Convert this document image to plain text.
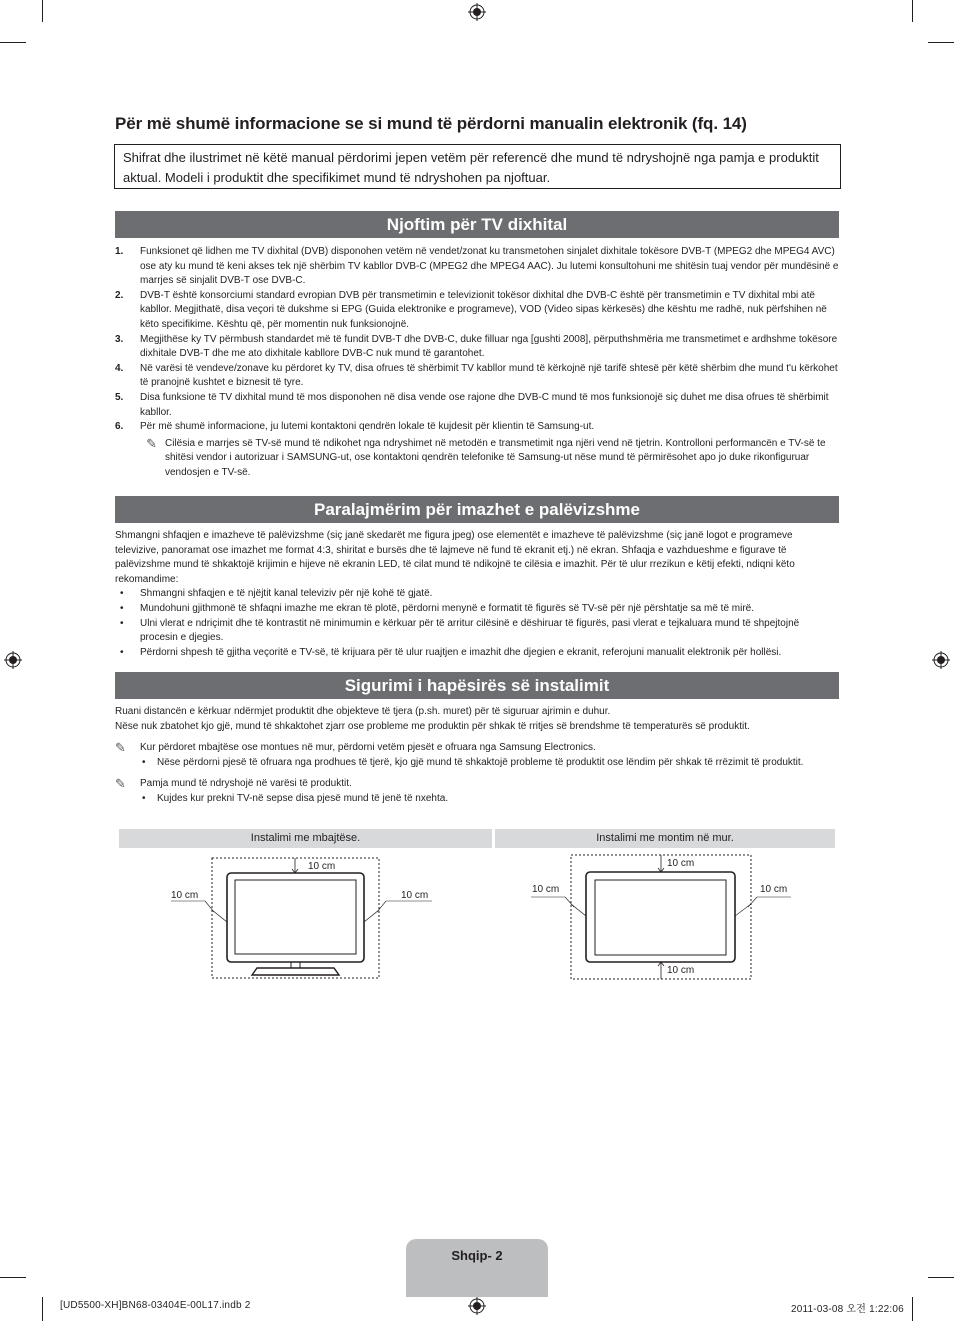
Për më shumë informacione se si mund të përdorni manualin elektronik (fq. 14)
Shifrat dhe ilustrimet në këtë manual përdorimi jepen vetëm për referencë dhe mund të ndryshojnë nga pamja e produktit aktual. Modeli i produktit dhe specifikimet mund të ndryshohen pa njoftuar.
Njoftim për TV dixhital
1.	Funksionet që lidhen me TV dixhital (DVB) disponohen vetëm në vendet/zonat ku transmetohen sinjalet dixhitale tokësore DVB-T (MPEG2 dhe MPEG4 AVC) ose aty ku mund të keni akses tek një shërbim TV kabllor DVB-C (MPEG2 dhe MPEG4 AAC). Ju lutemi konsultohuni me shitësin tuaj vendor për mundësinë e marrjes së sinjalit DVB-T ose DVB-C.
2.	DVB-T është konsorciumi standard evropian DVB për transmetimin e televizionit tokësor dixhital dhe DVB-C është për transmetimin e TV dixhital mbi atë kabllor. Megjithatë, disa veçori të dukshme si EPG (Guida elektronike e programeve), VOD (Video sipas kërkesës) dhe kështu me radhë, nuk përfshihen në këto specifikime. Kështu që, për momentin nuk funksionojnë.
3.	Megjithëse ky TV përmbush standardet më të fundit DVB-T dhe DVB-C, duke filluar nga [gushti 2008], përputhshmëria me transmetimet e ardhshme tokësore dixhitale DVB-T dhe me ato dixhitale kabllore DVB-C nuk mund të garantohet.
4.	Në varësi të vendeve/zonave ku përdoret ky TV, disa ofrues të shërbimit TV kabllor mund të kërkojnë një tarifë shtesë për këtë shërbim dhe mund t'u kërkohet të pranojnë kushtet e biznesit të tyre.
5.	Disa funksione të TV dixhital mund të mos disponohen në disa vende ose rajone dhe DVB-C mund të mos funksionojë siç duhet me disa ofrues të shërbimit kabllor.
6.	Për më shumë informacione, ju lutemi kontaktoni qendrën lokale të kujdesit për klientin të Samsung-ut.
✎ Cilësia e marrjes së TV-së mund të ndikohet nga ndryshimet në metodën e transmetimit nga njëri vend në tjetrin. Kontrolloni performancën e TV-së te shitësi vendor i autorizuar i SAMSUNG-ut, ose kontaktoni qendrën telefonike të Samsung-ut nëse mund të përmirësohet apo jo duke rikonfiguruar vendosjen e TV-së.
Paralajmërim për imazhet e palëvizshme
Shmangni shfaqjen e imazheve të palëvizshme (siç janë skedarët me figura jpeg) ose elementët e imazheve të palëvizshme (siç janë logot e programeve televizive, panoramat ose imazhet me format 4:3, shiritat e bursës dhe të lajmeve në fund të ekranit etj.) në ekran. Shfaqja e vazhdueshme e figurave të palëvizshme mund të shkaktojë krijimin e hijeve në ekranin LED, të cilat mund të ndikojnë te cilësia e imazhit. Për të ulur rrezikun e këtij efekti, ndiqni këto rekomandime:
•	Shmangni shfaqjen e të njëjtit kanal televiziv për një kohë të gjatë.
•	Mundohuni gjithmonë të shfaqni imazhe me ekran të plotë, përdorni menynë e formatit të figurës së TV-së për një përshtatje sa më të mirë.
•	Ulni vlerat e ndriçimit dhe të kontrastit në minimumin e kërkuar për të arritur cilësinë e dëshiruar të figurës, pasi vlerat e tejkaluara mund të shpejtojnë procesin e djegies.
•	Përdorni shpesh të gjitha veçoritë e TV-së, të krijuara për të ulur ruajtjen e imazhit dhe djegien e ekranit, referojuni manualit elektronik për hollësi.
Sigurimi i hapësirës së instalimit
Ruani distancën e kërkuar ndërmjet produktit dhe objekteve të tjera (p.sh. muret) për të siguruar ajrimin e duhur.
Nëse nuk zbatohet kjo gjë, mund të shkaktohet zjarr ose probleme me produktin për shkak të rritjes së brendshme të temperaturës së produktit.
✎	Kur përdoret mbajtëse ose montues në mur, përdorni vetëm pjesët e ofruara nga Samsung Electronics.
•	Nëse përdorni pjesë të ofruara nga prodhues të tjerë, kjo gjë mund të shkaktojë probleme të produktit ose lëndim për shkak të rrëzimit të produktit.
✎	Pamja mund të ndryshojë në varësi të produktit.
•	Kujdes kur prekni TV-në sepse disa pjesë mund të jenë të nxehta.
Instalimi me mbajtëse.	Instalimi me montim në mur.
10 cm
10 cm	10 cm
10 cm
10 cm	10 cm
10 cm
Shqip- 2
[UD5500-XH]BN68-03404E-00L17.indb 2	2011-03-08 오전 1:22:06
